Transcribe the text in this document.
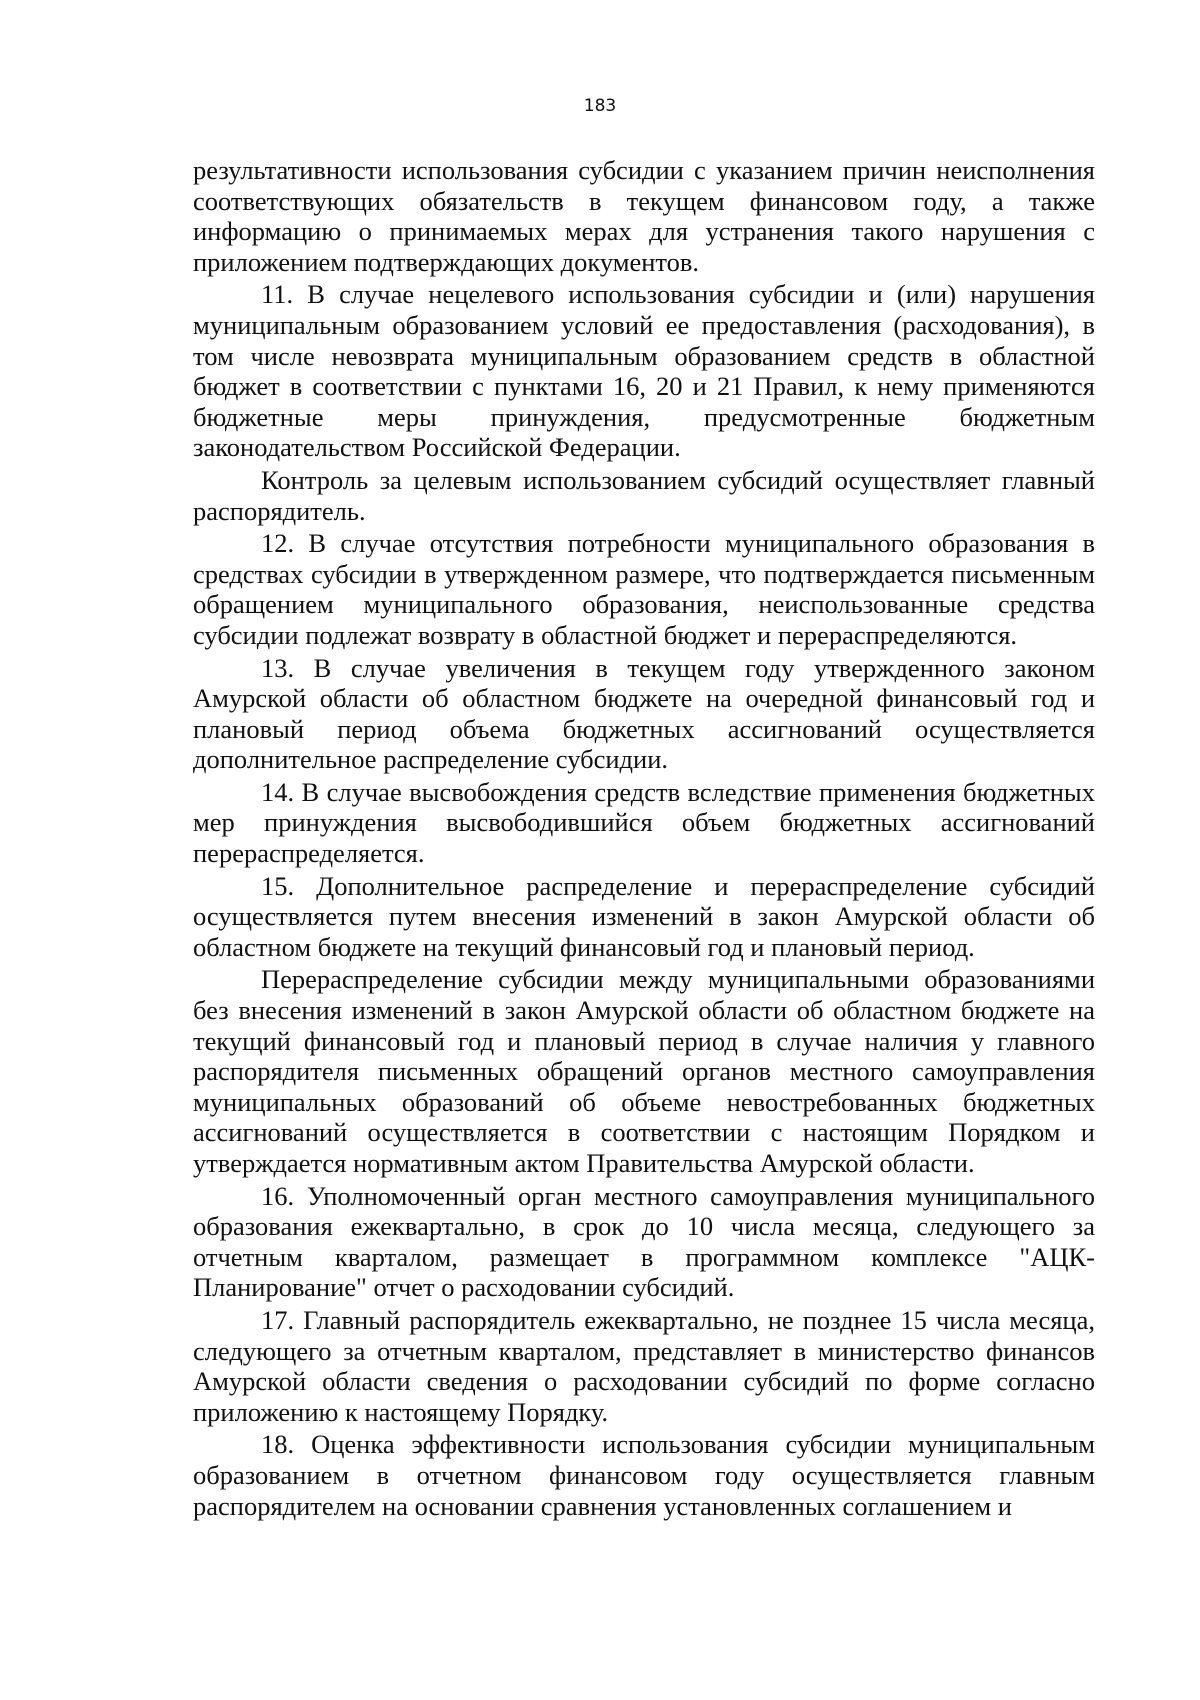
183

результативности использования субсидии с указанием причин неисполнения соответствующих обязательств в текущем финансовом году, а также информацию о принимаемых мерах для устранения такого нарушения с приложением подтверждающих документов.

11. В случае нецелевого использования субсидии и (или) нарушения муниципальным образованием условий ее предоставления (расходования), в том числе невозврата муниципальным образованием средств в областной бюджет в соответствии с пунктами 16, 20 и 21 Правил, к нему применяются бюджетные меры принуждения, предусмотренные бюджетным законодательством Российской Федерации.

Контроль за целевым использованием субсидий осуществляет главный распорядитель.

12. В случае отсутствия потребности муниципального образования в средствах субсидии в утвержденном размере, что подтверждается письменным обращением муниципального образования, неиспользованные средства субсидии подлежат возврату в областной бюджет и перераспределяются.

13. В случае увеличения в текущем году утвержденного законом Амурской области об областном бюджете на очередной финансовый год и плановый период объема бюджетных ассигнований осуществляется дополнительное распределение субсидии.

14. В случае высвобождения средств вследствие применения бюджетных мер принуждения высвободившийся объем бюджетных ассигнований перераспределяется.

15. Дополнительное распределение и перераспределение субсидий осуществляется путем внесения изменений в закон Амурской области об областном бюджете на текущий финансовый год и плановый период.

Перераспределение субсидии между муниципальными образованиями без внесения изменений в закон Амурской области об областном бюджете на текущий финансовый год и плановый период в случае наличия у главного распорядителя письменных обращений органов местного самоуправления муниципальных образований об объеме невостребованных бюджетных ассигнований осуществляется в соответствии с настоящим Порядком и утверждается нормативным актом Правительства Амурской области.

16. Уполномоченный орган местного самоуправления муниципального образования ежеквартально, в срок до 10 числа месяца, следующего за отчетным кварталом, размещает в программном комплексе "АЦК-Планирование" отчет о расходовании субсидий.

17. Главный распорядитель ежеквартально, не позднее 15 числа месяца, следующего за отчетным кварталом, представляет в министерство финансов Амурской области сведения о расходовании субсидий по форме согласно приложению к настоящему Порядку.

18. Оценка эффективности использования субсидии муниципальным образованием в отчетном финансовом году осуществляется главным распорядителем на основании сравнения установленных соглашением и
